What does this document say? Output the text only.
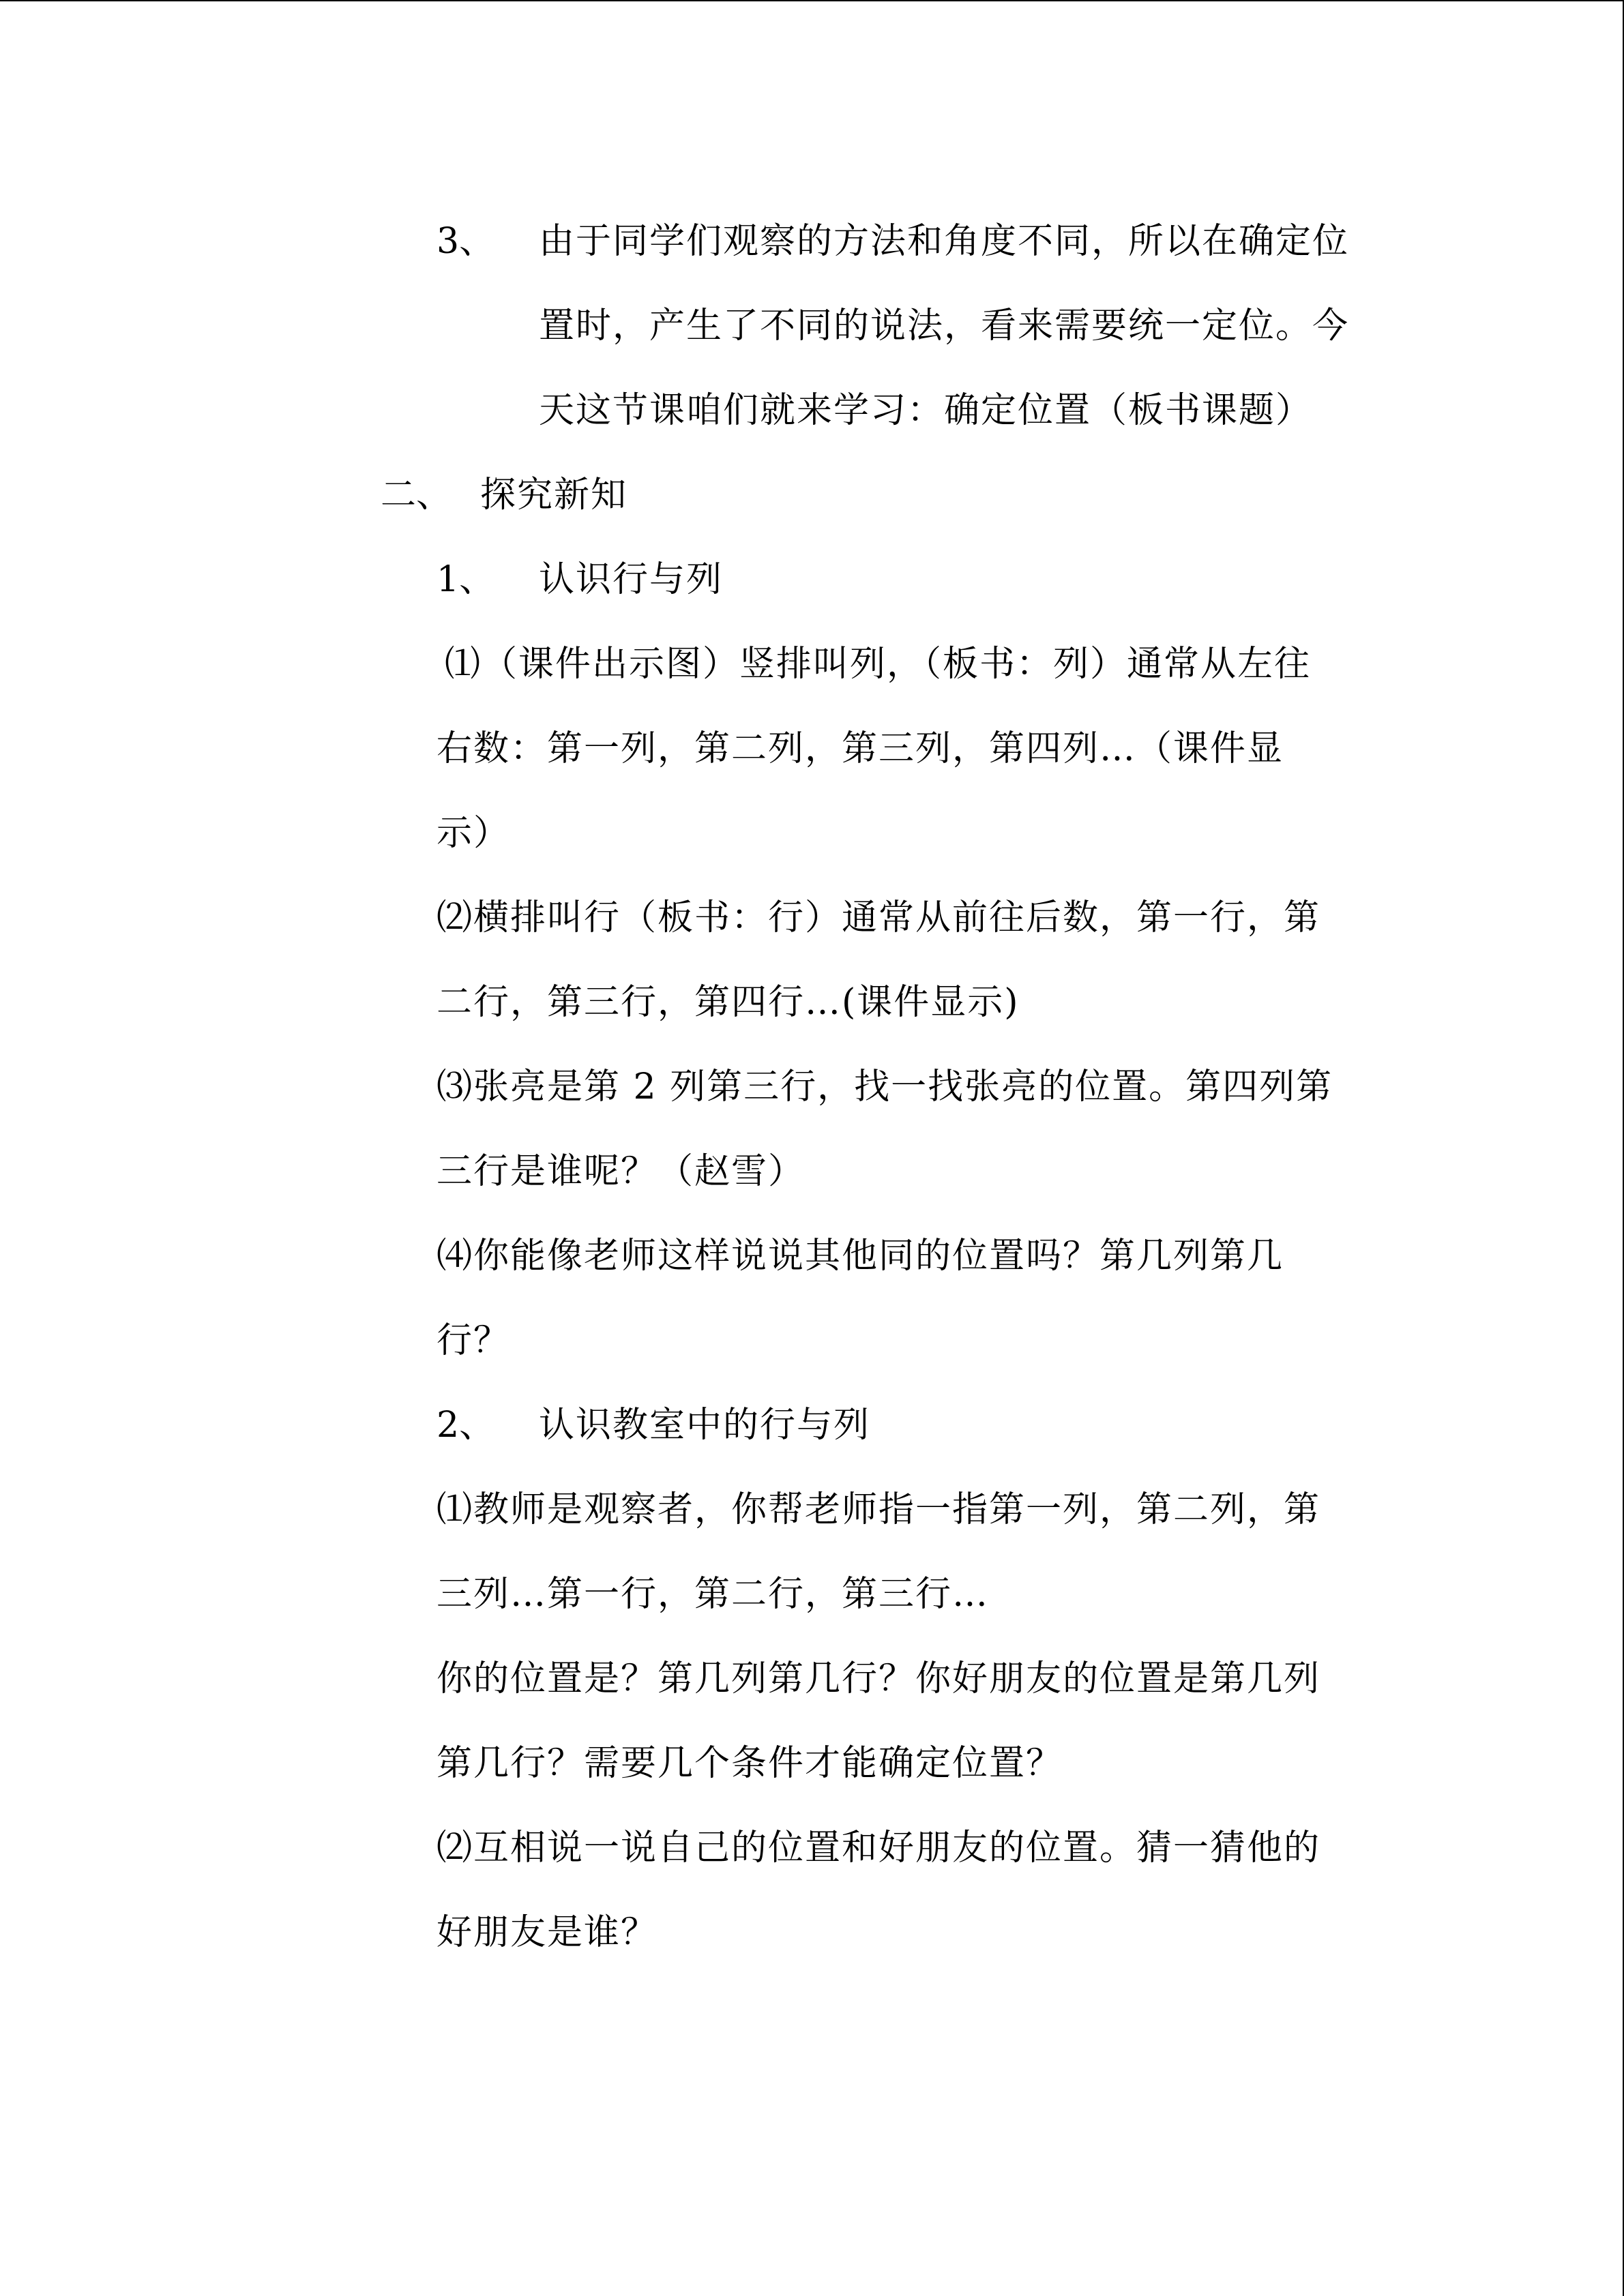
3、 由于同学们观察的方法和角度不同，所以在确定位
置时，产生了不同的说法，看来需要统一定位。今
天这节课咱们就来学习：确定位置（板书课题）
二、 探究新知
1、 认识行与列
⑴（课件出示图）竖排叫列，（板书：列）通常从左往
右数：第一列，第二列，第三列，第四列…（课件显
示）
⑵横排叫行（板书：行）通常从前往后数，第一行，第
二行，第三行，第四行…(课件显示)
⑶张亮是第 2 列第三行，找一找张亮的位置。第四列第
三行是谁呢？（赵雪）
⑷你能像老师这样说说其他同的位置吗？第几列第几
行？
2、 认识教室中的行与列
⑴教师是观察者，你帮老师指一指第一列，第二列，第
三列…第一行，第二行，第三行…
你的位置是？第几列第几行？你好朋友的位置是第几列
第几行？需要几个条件才能确定位置？
⑵互相说一说自己的位置和好朋友的位置。猜一猜他的
好朋友是谁？
